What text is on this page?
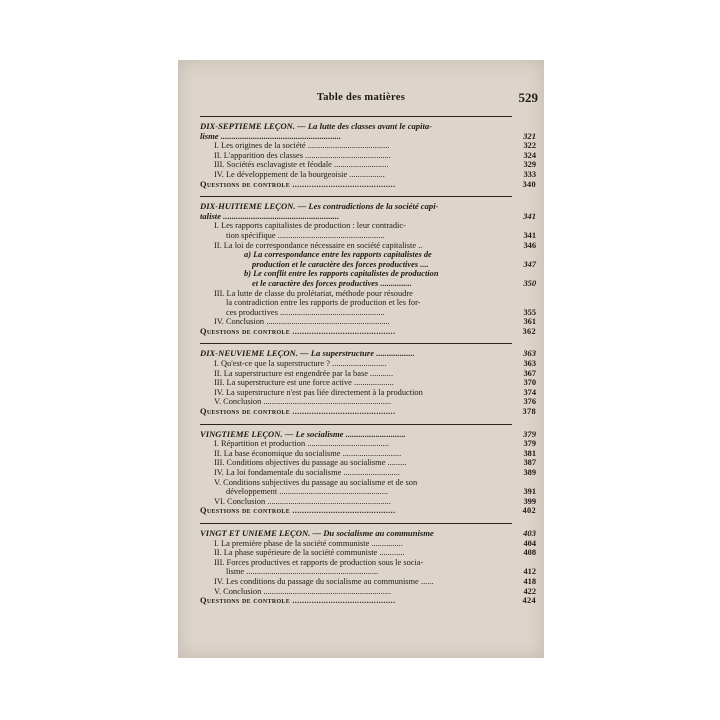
Table des matières	529
DIX-SEPTIEME LEÇON. — La lutte des classes avant le capita-
lisme ........................................................	321
I. Les origines de la société .......................................	322
II. L'apparition des classes .........................................	324
III. Sociétés esclavagiste et féodale ..........................	329
IV. Le développement de la bourgeoisie .................	333
Questions de controle ...........................................	340
DIX-HUITIEME LEÇON. — Les contradictions de la société capi-
taliste ......................................................	341
I. Les rapports capitalistes de production : leur contradic-
tion spécifique ...................................................	341
II. La loi de correspondance nécessaire en société capitaliste ..	346
a) La correspondance entre les rapports capitalistes de
production et le caractère des forces productives ....	347
b) Le conflit entre les rapports capitalistes de production
et le caractère des forces productives ...............	350
III. La lutte de classe du prolétariat, méthode pour résoudre
la contradiction entre les rapports de production et les for-
ces productives ..................................................	355
IV. Conclusion ...........................................................	361
Questions de controle ...........................................	362
DIX-NEUVIEME LEÇON. — La superstructure ..................	363
I. Qu'est-ce que la superstructure ? ..........................	363
II. La superstructure est engendrée par la base ...........	367
III. La superstructure est une force active ...................	370
IV. La superstructure n'est pas liée directement à la production	374
V. Conclusion .............................................................	376
Questions de controle ...........................................	378
VINGTIEME LEÇON. — Le socialisme ............................	379
I. Répartition et production .......................................	379
II. La base économique du socialisme ............................	381
III. Conditions objectives du passage au socialisme .........	387
IV. La loi fondamentale du socialisme ...........................	389
V. Conditions subjectives du passage au socialisme et de son
développement ....................................................	391
VI. Conclusion ...........................................................	399
Questions de controle ...........................................	402
VINGT ET UNIEME LEÇON. — Du socialisme au communisme	403
I. La première phase de la société communiste ...............	404
II. La phase supérieure de la société communiste ............	408
III. Forces productives et rapports de production sous le socia-
lisme ...............................................................	412
IV. Les conditions du passage du socialisme au communisme ......	418
V. Conclusion .............................................................	422
Questions de controle ...........................................	424
